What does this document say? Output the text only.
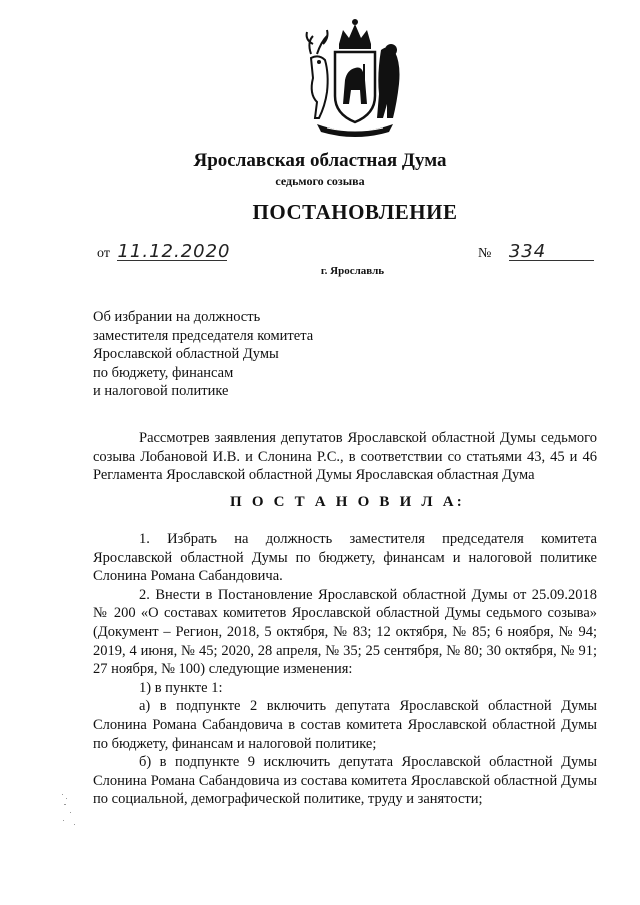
Ярославская областная Дума
седьмого созыва
ПОСТАНОВЛЕНИЕ
от 11.12.2020	№ 334
г. Ярославль
Об избрании на должность
заместителя председателя комитета
Ярославской областной Думы
по бюджету, финансам
и налоговой политике

Рассмотрев заявления депутатов Ярославской областной Думы седьмого созыва Лобановой И.В. и Слонина Р.С., в соответствии со статьями 43, 45 и 46 Регламента Ярославской областной Думы Ярославская областная Дума

П О С Т А Н О В И Л А:

1. Избрать на должность заместителя председателя комитета Ярославской областной Думы по бюджету, финансам и налоговой политике Слонина Романа Сабандовича.

2. Внести в Постановление Ярославской областной Думы от 25.09.2018 № 200 «О составах комитетов Ярославской областной Думы седьмого созыва» (Документ – Регион, 2018, 5 октября, № 83; 12 октября, № 85; 6 ноября, № 94; 2019, 4 июня, № 45; 2020, 28 апреля, № 35; 25 сентября, № 80; 30 октября, № 91; 27 ноября, № 100) следующие изменения:

1) в пункте 1:

а) в подпункте 2 включить депутата Ярославской областной Думы Слонина Романа Сабандовича в состав комитета Ярославской областной Думы по бюджету, финансам и налоговой политике;

б) в подпункте 9 исключить депутата Ярославской областной Думы Слонина Романа Сабандовича из состава комитета Ярославской областной Думы по социальной, демографической политике, труду и занятости;
